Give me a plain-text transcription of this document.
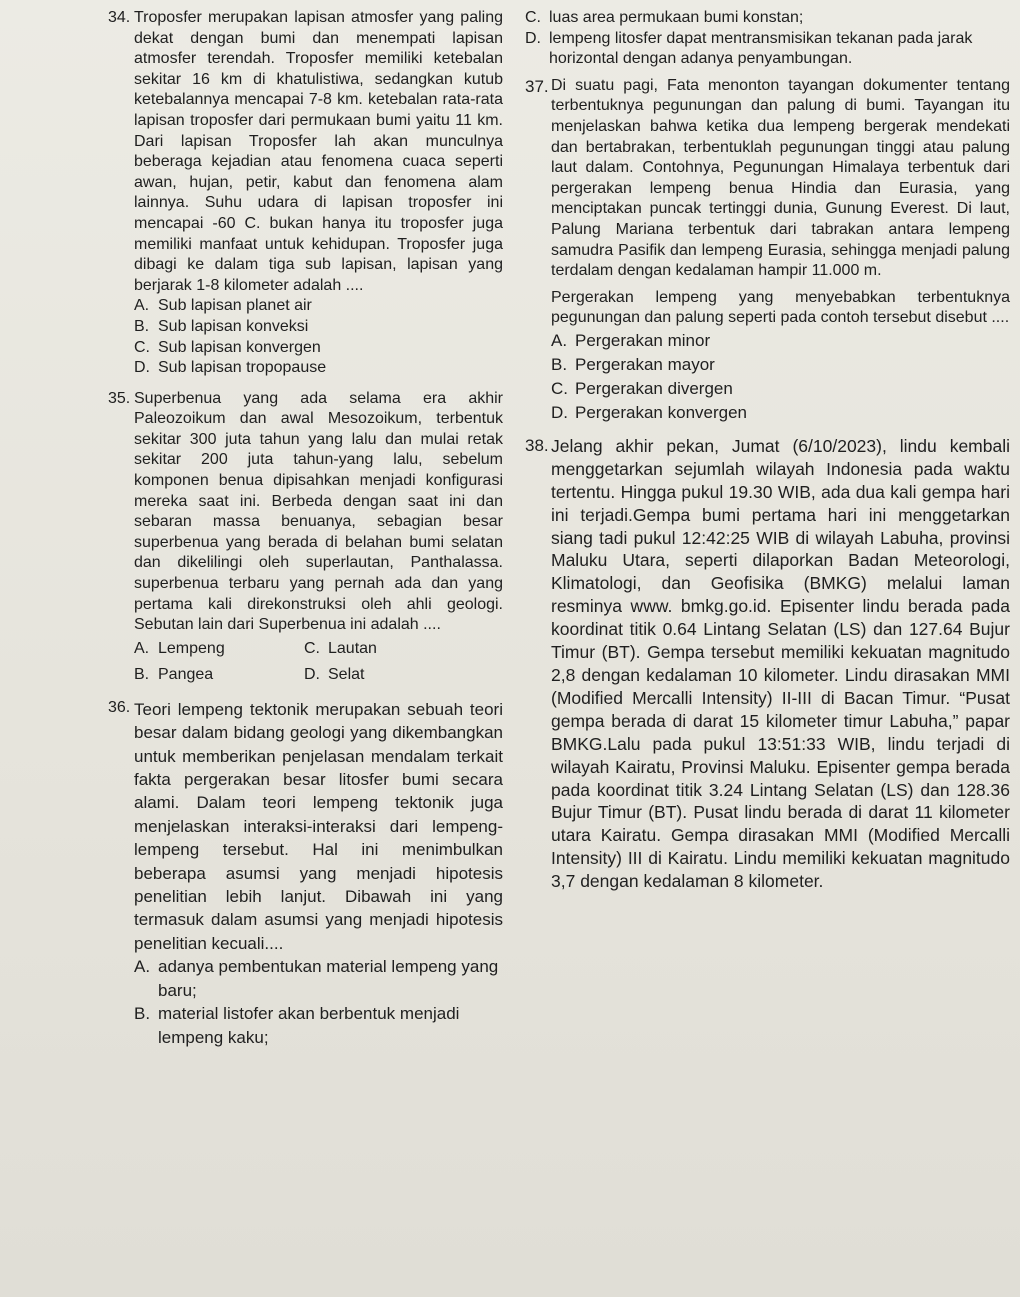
34. Troposfer merupakan lapisan atmosfer yang paling dekat dengan bumi dan menempati lapisan atmosfer terendah. Troposfer memiliki ketebalan sekitar 16 km di khatulistiwa, sedangkan kutub ketebalannya mencapai 7-8 km. ketebalan rata-rata lapisan troposfer dari permukaan bumi yaitu 11 km. Dari lapisan Troposfer lah akan munculnya beberaga kejadian atau fenomena cuaca seperti awan, hujan, petir, kabut dan fenomena alam lainnya. Suhu udara di lapisan troposfer ini mencapai -60 C. bukan hanya itu troposfer juga memiliki manfaat untuk kehidupan. Troposfer juga dibagi ke dalam tiga sub lapisan, lapisan yang berjarak 1-8 kilometer adalah ....
A. Sub lapisan planet air
B. Sub lapisan konveksi
C. Sub lapisan konvergen
D. Sub lapisan tropopause
35. Superbenua yang ada selama era akhir Paleozoikum dan awal Mesozoikum, terbentuk sekitar 300 juta tahun yang lalu dan mulai retak sekitar 200 juta tahun-yang lalu, sebelum komponen benua dipisahkan menjadi konfigurasi mereka saat ini. Berbeda dengan saat ini dan sebaran massa benuanya, sebagian besar superbenua yang berada di belahan bumi selatan dan dikelilingi oleh superlautan, Panthalassa. superbenua terbaru yang pernah ada dan yang pertama kali direkonstruksi oleh ahli geologi. Sebutan lain dari Superbenua ini adalah ....
A. Lempeng	C. Lautan
B. Pangea	D. Selat
36. Teori lempeng tektonik merupakan sebuah teori besar dalam bidang geologi yang dikembangkan untuk memberikan penjelasan mendalam terkait fakta pergerakan besar litosfer bumi secara alami. Dalam teori lempeng tektonik juga menjelaskan interaksi-interaksi dari lempeng-lempeng tersebut. Hal ini menimbulkan beberapa asumsi yang menjadi hipotesis penelitian lebih lanjut. Dibawah ini yang termasuk dalam asumsi yang menjadi hipotesis penelitian kecuali....
A. adanya pembentukan material lempeng yang baru;
B. material listofer akan berbentuk menjadi lempeng kaku;
C. luas area permukaan bumi konstan;
D. lempeng litosfer dapat mentransmisikan tekanan pada jarak horizontal dengan adanya penyambungan.
37. Di suatu pagi, Fata menonton tayangan dokumenter tentang terbentuknya pegunungan dan palung di bumi. Tayangan itu menjelaskan bahwa ketika dua lempeng bergerak mendekati dan bertabrakan, terbentuklah pegunungan tinggi atau palung laut dalam. Contohnya, Pegunungan Himalaya terbentuk dari pergerakan lempeng benua Hindia dan Eurasia, yang menciptakan puncak tertinggi dunia, Gunung Everest. Di laut, Palung Mariana terbentuk dari tabrakan antara lempeng samudra Pasifik dan lempeng Eurasia, sehingga menjadi palung terdalam dengan kedalaman hampir 11.000 m.
Pergerakan lempeng yang menyebabkan terbentuknya pegunungan dan palung seperti pada contoh tersebut disebut ....
A. Pergerakan minor
B. Pergerakan mayor
C. Pergerakan divergen
D. Pergerakan konvergen
38. Jelang akhir pekan, Jumat (6/10/2023), lindu kembali menggetarkan sejumlah wilayah Indonesia pada waktu tertentu. Hingga pukul 19.30 WIB, ada dua kali gempa hari ini terjadi.Gempa bumi pertama hari ini menggetarkan siang tadi pukul 12:42:25 WIB di wilayah Labuha, provinsi Maluku Utara, seperti dilaporkan Badan Meteorologi, Klimatologi, dan Geofisika (BMKG) melalui laman resminya www. bmkg.go.id. Episenter lindu berada pada koordinat titik 0.64 Lintang Selatan (LS) dan 127.64 Bujur Timur (BT). Gempa tersebut memiliki kekuatan magnitudo 2,8 dengan kedalaman 10 kilometer. Lindu dirasakan MMI (Modified Mercalli Intensity) II-III di Bacan Timur. “Pusat gempa berada di darat 15 kilometer timur Labuha,” papar BMKG.Lalu pada pukul 13:51:33 WIB, lindu terjadi di wilayah Kairatu, Provinsi Maluku. Episenter gempa berada pada koordinat titik 3.24 Lintang Selatan (LS) dan 128.36 Bujur Timur (BT). Pusat lindu berada di darat 11 kilometer utara Kairatu. Gempa dirasakan MMI (Modified Mercalli Intensity) III di Kairatu. Lindu memiliki kekuatan magnitudo 3,7 dengan kedalaman 8 kilometer.
